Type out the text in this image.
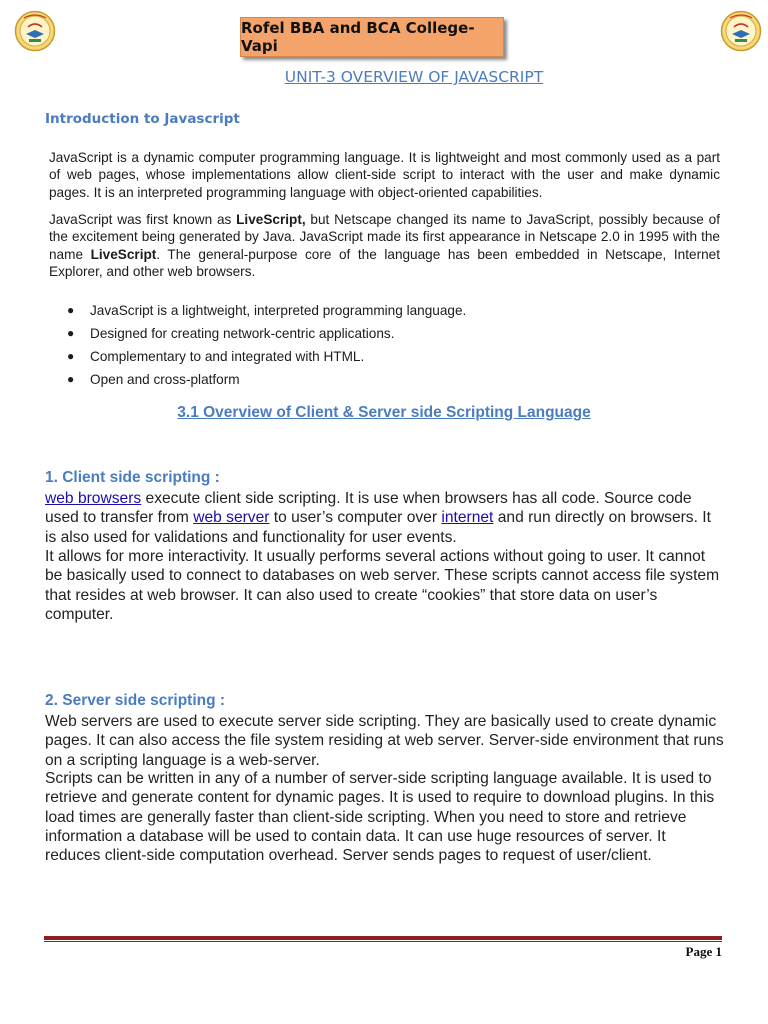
Rofel BBA and BCA College-Vapi
UNIT-3 OVERVIEW OF JAVASCRIPT
Introduction to Javascript
JavaScript is a dynamic computer programming language. It is lightweight and most commonly used as a part of web pages, whose implementations allow client-side script to interact with the user and make dynamic pages. It is an interpreted programming language with object-oriented capabilities.
JavaScript was first known as LiveScript, but Netscape changed its name to JavaScript, possibly because of the excitement being generated by Java. JavaScript made its first appearance in Netscape 2.0 in 1995 with the name LiveScript. The general-purpose core of the language has been embedded in Netscape, Internet Explorer, and other web browsers.
● JavaScript is a lightweight, interpreted programming language.
● Designed for creating network-centric applications.
● Complementary to and integrated with HTML.
● Open and cross-platform
3.1 Overview of Client & Server side Scripting Language
1. Client side scripting :
web browsers execute client side scripting. It is use when browsers has all code. Source code used to transfer from web server to user’s computer over internet and run directly on browsers. It is also used for validations and functionality for user events.
It allows for more interactivity. It usually performs several actions without going to user. It cannot be basically used to connect to databases on web server. These scripts cannot access file system that resides at web browser. It can also used to create “cookies” that store data on user’s computer.
2. Server side scripting :
Web servers are used to execute server side scripting. They are basically used to create dynamic pages. It can also access the file system residing at web server. Server-side environment that runs on a scripting language is a web-server.
Scripts can be written in any of a number of server-side scripting language available. It is used to retrieve and generate content for dynamic pages. It is used to require to download plugins. In this load times are generally faster than client-side scripting. When you need to store and retrieve information a database will be used to contain data. It can use huge resources of server. It reduces client-side computation overhead. Server sends pages to request of user/client.
Page 1
